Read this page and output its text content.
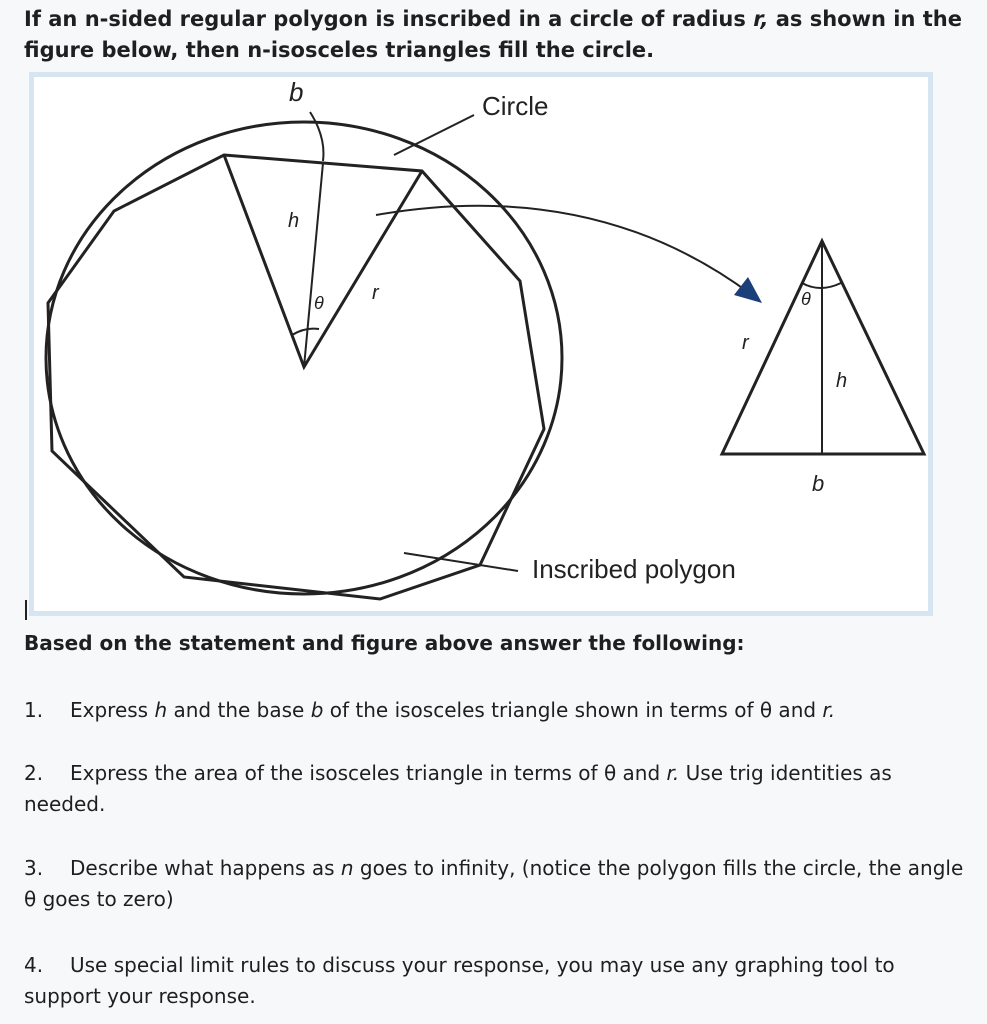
If an n-sided regular polygon is inscribed in a circle of radius r, as shown in the figure below, then n-isosceles triangles fill the circle.
b	Circle
h
θ r
r
θ
h
b
Inscribed polygon
Based on the statement and figure above answer the following:
1. Express h and the base b of the isosceles triangle shown in terms of θ and r.
2. Express the area of the isosceles triangle in terms of θ and r. Use trig identities as needed.
3. Describe what happens as n goes to infinity, (notice the polygon fills the circle, the angle θ goes to zero)
4. Use special limit rules to discuss your response, you may use any graphing tool to support your response.
